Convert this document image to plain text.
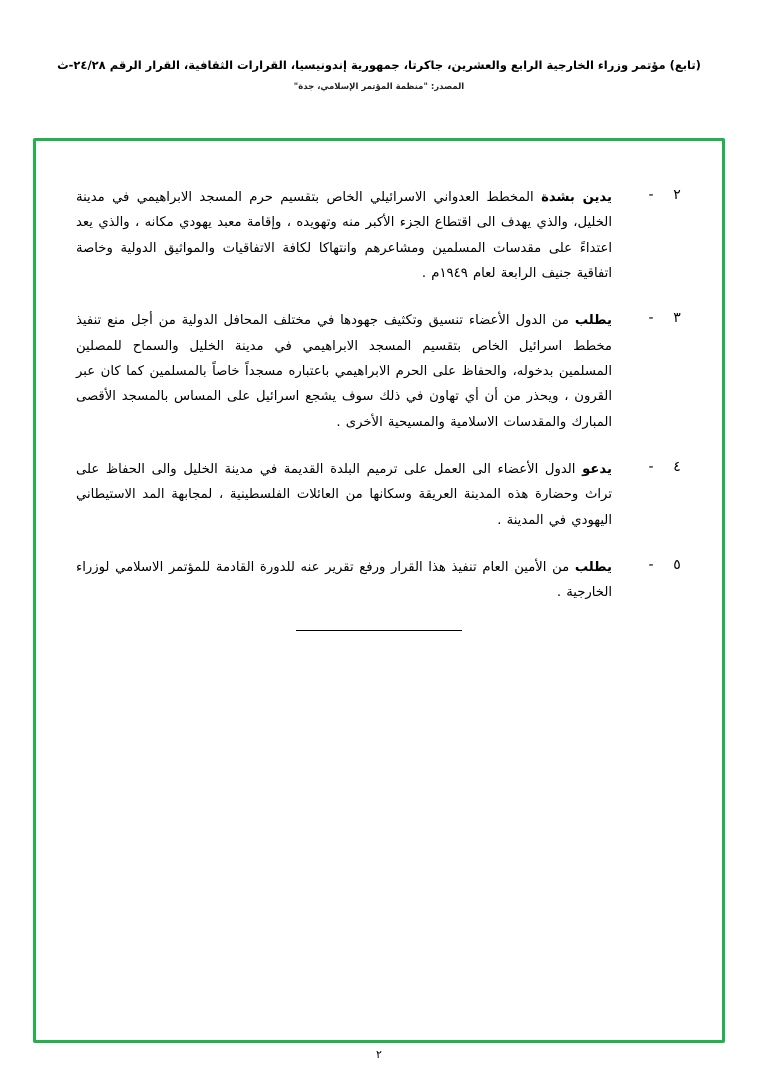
(تابع) مؤتمر وزراء الخارجية الرابع والعشرين، جاكرتا، جمهورية إندونيسيا، القرارات الثقافية، القرار الرقم ٢٤/٢٨-ث
المصدر: "منظمة المؤتمر الإسلامي، جدة"
٢
-
يدين بشدة المخطط العدواني الاسرائيلي الخاص بتقسيم حرم المسجد الابراهيمي في مدينة الخليل، والذي يهدف الى اقتطاع الجزء الأكبر منه وتهويده ، وإقامة معبد يهودي مكانه ، والذي يعد اعتداءً على مقدسات المسلمين ومشاعرهم وانتهاكا لكافة الاتفاقيات والمواثيق الدولية وخاصة اتفاقية جنيف الرابعة لعام ١٩٤٩م .
٣
-
يطلب من الدول الأعضاء تنسيق وتكثيف جهودها في مختلف المحافل الدولية من أجل منع تنفيذ مخطط اسرائيل الخاص بتقسيم المسجد الابراهيمي في مدينة الخليل والسماح للمصلين المسلمين بدخوله، والحفاظ على الحرم الابراهيمي باعتباره مسجداً خاصاً بالمسلمين كما كان عبر القرون ، ويحذر من أن أي تهاون في ذلك سوف يشجع اسرائيل على المساس بالمسجد الأقصى المبارك والمقدسات الاسلامية والمسيحية الأخرى .
٤
-
يدعو الدول الأعضاء الى العمل على ترميم البلدة القديمة في مدينة الخليل والى الحفاظ على تراث وحضارة هذه المدينة العريقة وسكانها من العائلات الفلسطينية ، لمجابهة المد الاستيطاني اليهودي في المدينة .
٥
-
يطلب من الأمين العام تنفيذ هذا القرار ورفع تقرير عنه للدورة القادمة للمؤتمر الاسلامي لوزراء الخارجية .
٢
